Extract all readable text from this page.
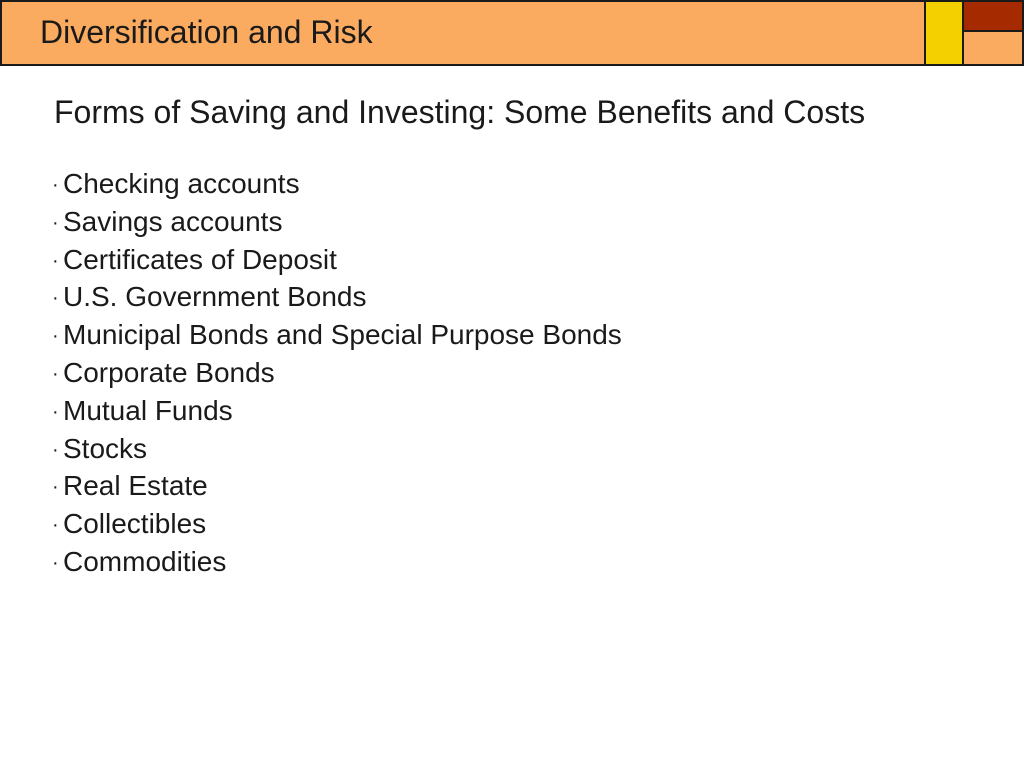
Diversification and Risk
Forms of Saving and Investing: Some Benefits and Costs
· Checking accounts
· Savings accounts
· Certificates of Deposit
· U.S. Government Bonds
· Municipal Bonds and Special Purpose Bonds
· Corporate Bonds
· Mutual Funds
· Stocks
· Real Estate
· Collectibles
· Commodities
